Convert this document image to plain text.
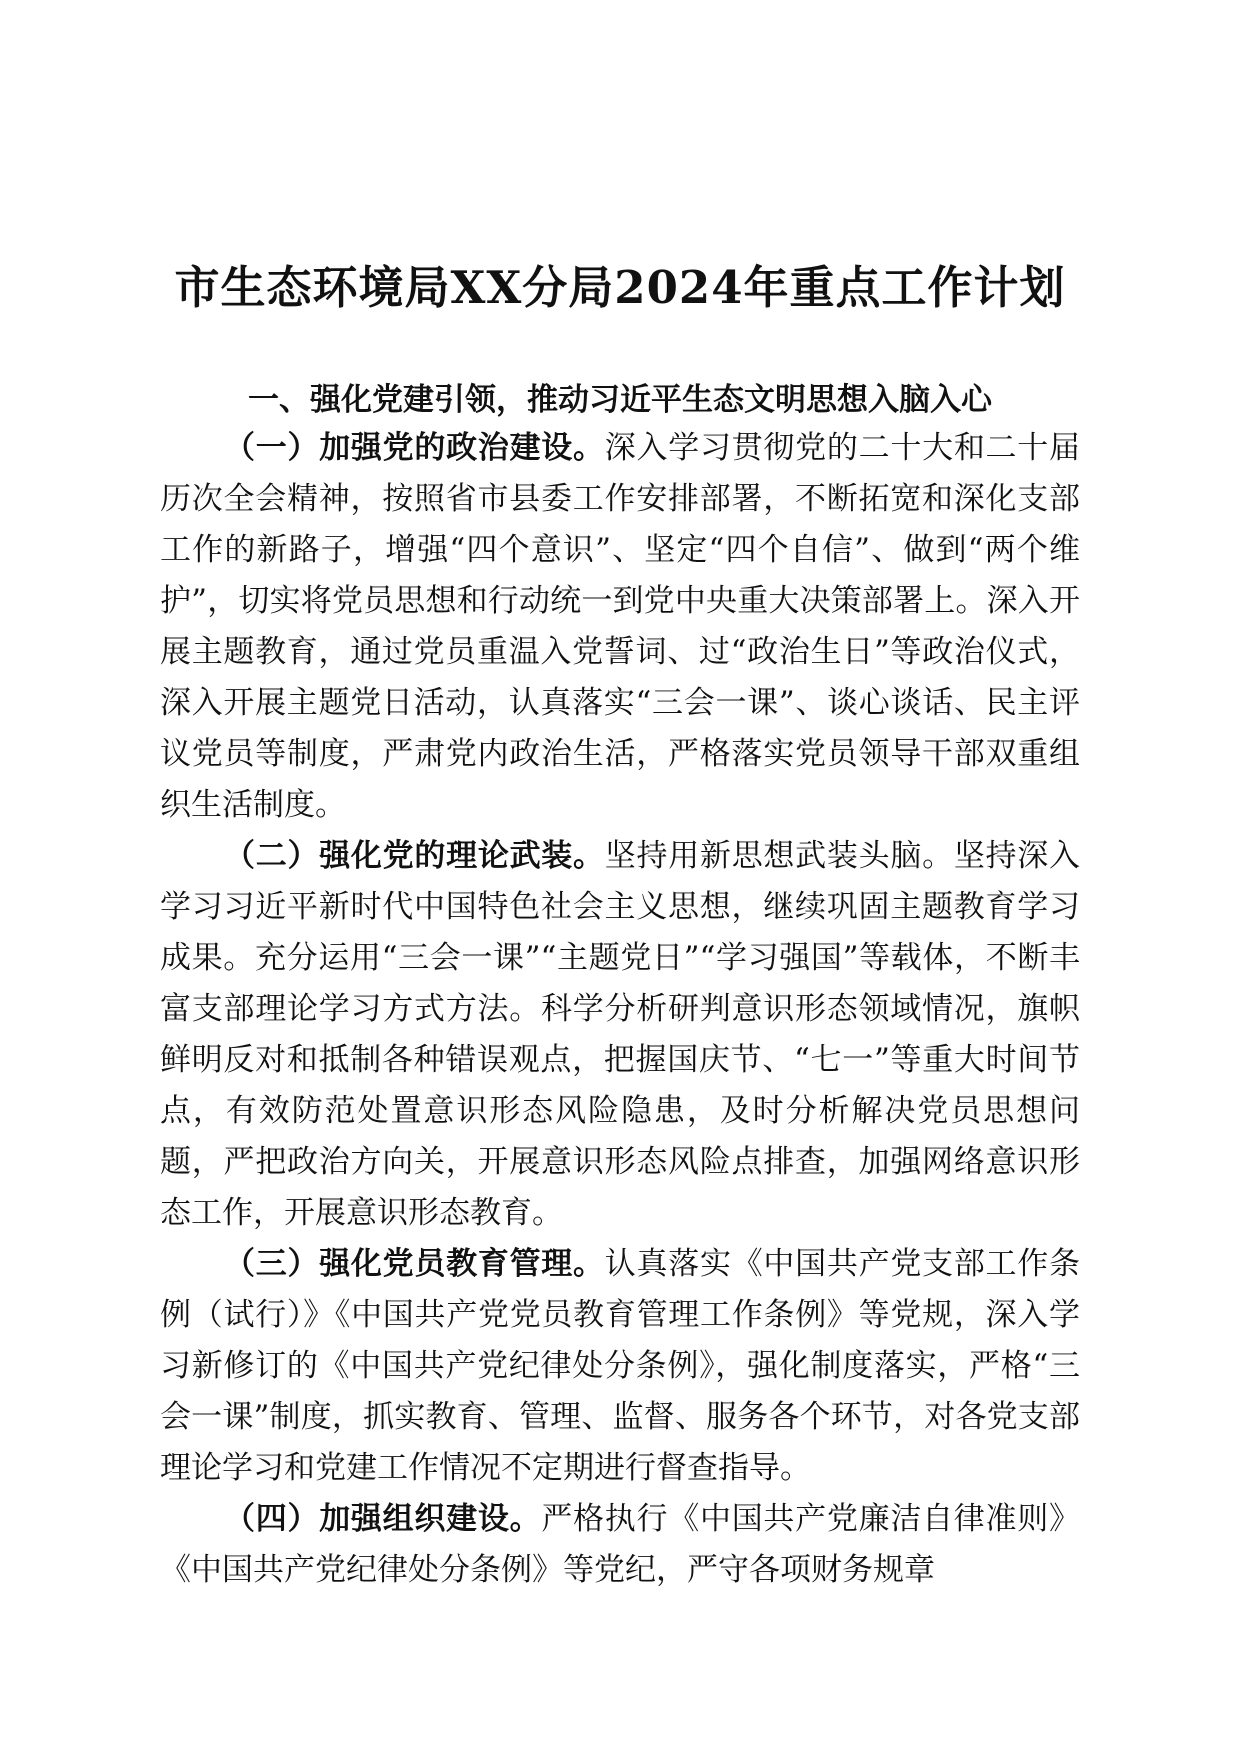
市生态环境局XX分局2024年重点工作计划
一、强化党建引领，推动习近平生态文明思想入脑入心

（一）加强党的政治建设。深入学习贯彻党的二十大和二十届历次全会精神，按照省市县委工作安排部署，不断拓宽和深化支部工作的新路子，增强“四个意识”、坚定“四个自信”、做到“两个维护”，切实将党员思想和行动统一到党中央重大决策部署上。深入开展主题教育，通过党员重温入党誓词、过“政治生日”等政治仪式，深入开展主题党日活动，认真落实“三会一课”、谈心谈话、民主评议党员等制度，严肃党内政治生活，严格落实党员领导干部双重组织生活制度。

（二）强化党的理论武装。坚持用新思想武装头脑。坚持深入学习习近平新时代中国特色社会主义思想，继续巩固主题教育学习成果。充分运用“三会一课”“主题党日”“学习强国”等载体，不断丰富支部理论学习方式方法。科学分析研判意识形态领域情况，旗帜鲜明反对和抵制各种错误观点，把握国庆节、“七一”等重大时间节点，有效防范处置意识形态风险隐患，及时分析解决党员思想问题，严把政治方向关，开展意识形态风险点排查，加强网络意识形态工作，开展意识形态教育。

（三）强化党员教育管理。认真落实《中国共产党支部工作条例（试行）》《中国共产党党员教育管理工作条例》等党规，深入学习新修订的《中国共产党纪律处分条例》，强化制度落实，严格“三会一课”制度，抓实教育、管理、监督、服务各个环节，对各党支部理论学习和党建工作情况不定期进行督查指导。

（四）加强组织建设。严格执行《中国共产党廉洁自律准则》《中国共产党纪律处分条例》等党纪，严守各项财务规章
